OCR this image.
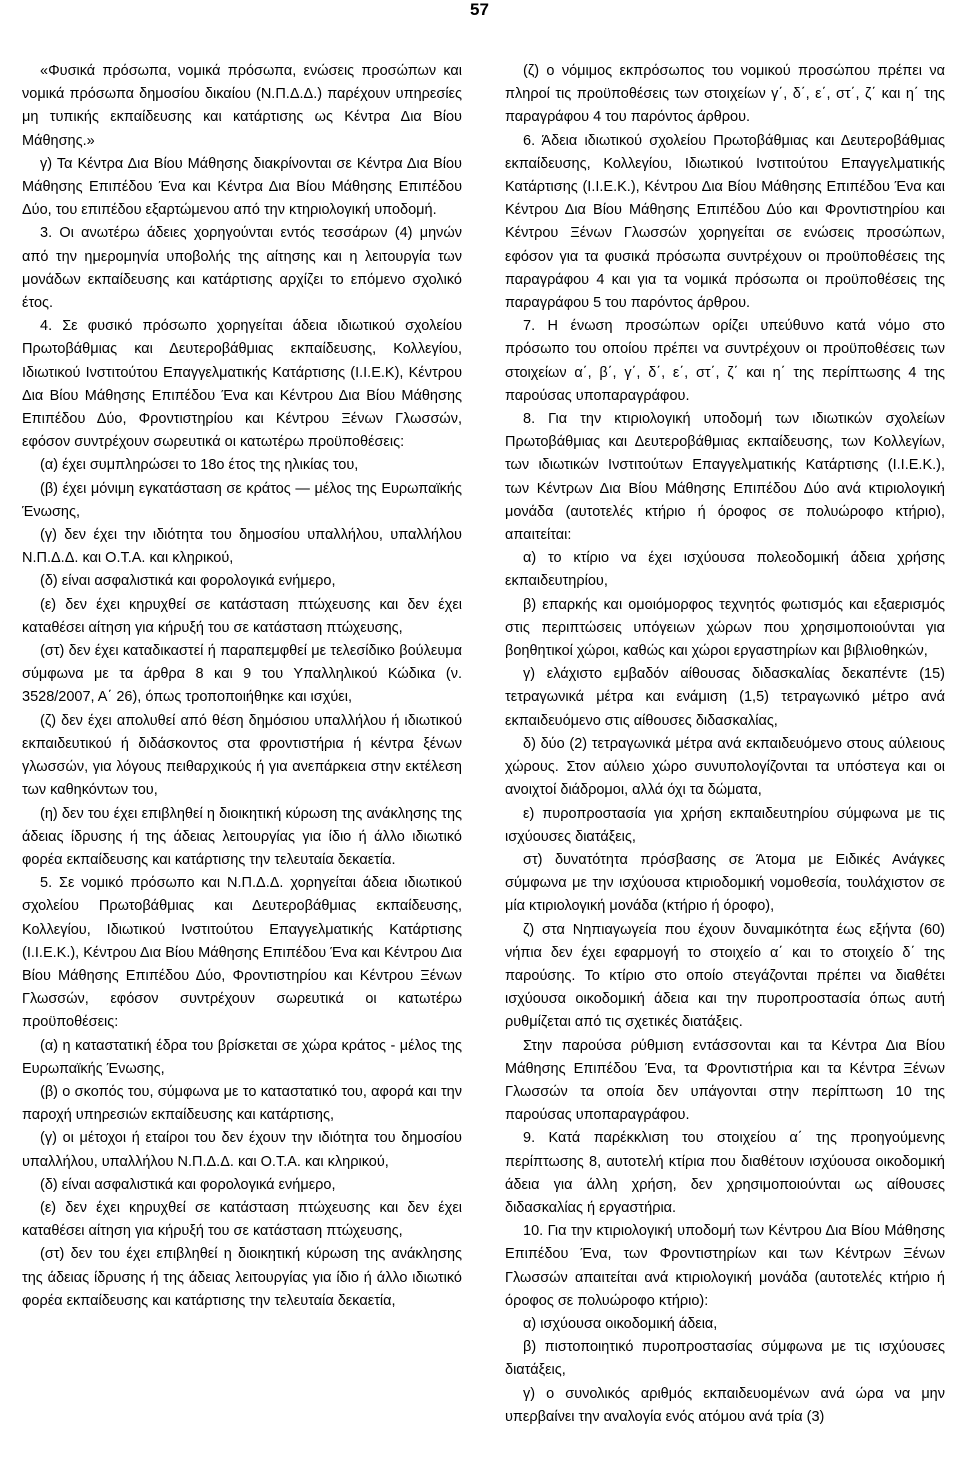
57

«Φυσικά πρόσωπα, νομικά πρόσωπα, ενώσεις προσώπων και νομικά πρόσωπα δημοσίου δικαίου (Ν.Π.Δ.Δ.) παρέχουν υπηρεσίες μη τυπικής εκπαίδευσης και κατάρτισης ως Κέντρα Δια Βίου Μάθησης.»

γ) Τα Κέντρα Δια Βίου Μάθησης διακρίνονται σε Κέντρα Δια Βίου Μάθησης Επιπέδου Ένα και Κέντρα Δια Βίου Μάθησης Επιπέδου Δύο, του επιπέδου εξαρτώμενου από την κτηριολογική υποδομή.

3. Οι ανωτέρω άδειες χορηγούνται εντός τεσσάρων (4) μηνών από την ημερομηνία υποβολής της αίτησης και η λειτουργία των μονάδων εκπαίδευσης και κατάρτισης αρχίζει το επόμενο σχολικό έτος.

4. Σε φυσικό πρόσωπο χορηγείται άδεια ιδιωτικού σχολείου Πρωτοβάθμιας και Δευτεροβάθμιας εκπαίδευσης, Κολλεγίου, Ιδιωτικού Ινστιτούτου Επαγγελματικής Κατάρτισης (Ι.Ι.Ε.Κ), Κέντρου Δια Βίου Μάθησης Επιπέδου Ένα και Κέντρου Δια Βίου Μάθησης Επιπέδου Δύο, Φροντιστηρίου και Κέντρου Ξένων Γλωσσών, εφόσον συντρέχουν σωρευτικά οι κατωτέρω προϋποθέσεις:

(α) έχει συμπληρώσει το 18ο έτος της ηλικίας του,

(β) έχει μόνιμη εγκατάσταση σε κράτος — μέλος της Ευρωπαϊκής Ένωσης,

(γ) δεν έχει την ιδιότητα του δημοσίου υπαλλήλου, υπαλλήλου Ν.Π.Δ.Δ. και Ο.Τ.Α. και κληρικού,

(δ) είναι ασφαλιστικά και φορολογικά ενήμερο,

(ε) δεν έχει κηρυχθεί σε κατάσταση πτώχευσης και δεν έχει καταθέσει αίτηση για κήρυξή του σε κατάσταση πτώχευσης,

(στ) δεν έχει καταδικαστεί ή παραπεμφθεί με τελεσίδικο βούλευμα σύμφωνα με τα άρθρα 8 και 9 του Υπαλληλικού Κώδικα (ν. 3528/2007, Α΄ 26), όπως τροποποιήθηκε και ισχύει,

(ζ) δεν έχει απολυθεί από θέση δημόσιου υπαλλήλου ή ιδιωτικού εκπαιδευτικού ή διδάσκοντος στα φροντιστήρια ή κέντρα ξένων γλωσσών, για λόγους πειθαρχικούς ή για ανεπάρκεια στην εκτέλεση των καθηκόντων του,

(η) δεν του έχει επιβληθεί η διοικητική κύρωση της ανάκλησης της άδειας ίδρυσης ή της άδειας λειτουργίας για ίδιο ή άλλο ιδιωτικό φορέα εκπαίδευσης και κατάρτισης την τελευταία δεκαετία.

5. Σε νομικό πρόσωπο και Ν.Π.Δ.Δ. χορηγείται άδεια ιδιωτικού σχολείου Πρωτοβάθμιας και Δευτεροβάθμιας εκπαίδευσης, Κολλεγίου, Ιδιωτικού Ινστιτούτου Επαγγελματικής Κατάρτισης (Ι.Ι.Ε.Κ.), Κέντρου Δια Βίου Μάθησης Επιπέδου Ένα και Κέντρου Δια Βίου Μάθησης Επιπέδου Δύο, Φροντιστηρίου και Κέντρου Ξένων Γλωσσών, εφόσον συντρέχουν σωρευτικά οι κατωτέρω προϋποθέσεις:

(α) η καταστατική έδρα του βρίσκεται σε χώρα κράτος - μέλος της Ευρωπαϊκής Ένωσης,

(β) ο σκοπός του, σύμφωνα με το καταστατικό του, αφορά και την παροχή υπηρεσιών εκπαίδευσης και κατάρτισης,

(γ) οι μέτοχοι ή εταίροι του δεν έχουν την ιδιότητα του δημοσίου υπαλλήλου, υπαλλήλου Ν.Π.Δ.Δ. και Ο.Τ.Α. και κληρικού,

(δ) είναι ασφαλιστικά και φορολογικά ενήμερο,

(ε) δεν έχει κηρυχθεί σε κατάσταση πτώχευσης και δεν έχει καταθέσει αίτηση για κήρυξή του σε κατάσταση πτώχευσης,

(στ) δεν του έχει επιβληθεί η διοικητική κύρωση της ανάκλησης της άδειας ίδρυσης ή της άδειας λειτουργίας για ίδιο ή άλλο ιδιωτικό φορέα εκπαίδευσης και κατάρτισης την τελευταία δεκαετία,

(ζ) ο νόμιμος εκπρόσωπος του νομικού προσώπου πρέπει να πληροί τις προϋποθέσεις των στοιχείων γ΄, δ΄, ε΄, στ΄, ζ΄ και η΄ της παραγράφου 4 του παρόντος άρθρου.

6. Άδεια ιδιωτικού σχολείου Πρωτοβάθμιας και Δευτεροβάθμιας εκπαίδευσης, Κολλεγίου, Ιδιωτικού Ινστιτούτου Επαγγελματικής Κατάρτισης (Ι.Ι.Ε.Κ.), Κέντρου Δια Βίου Μάθησης Επιπέδου Ένα και Κέντρου Δια Βίου Μάθησης Επιπέδου Δύο και Φροντιστηρίου και Κέντρου Ξένων Γλωσσών χορηγείται σε ενώσεις προσώπων, εφόσον για τα φυσικά πρόσωπα συντρέχουν οι προϋποθέσεις της παραγράφου 4 και για τα νομικά πρόσωπα οι προϋποθέσεις της παραγράφου 5 του παρόντος άρθρου.

7. Η ένωση προσώπων ορίζει υπεύθυνο κατά νόμο στο πρόσωπο του οποίου πρέπει να συντρέχουν οι προϋποθέσεις των στοιχείων α΄, β΄, γ΄, δ΄, ε΄, στ΄, ζ΄ και η΄ της περίπτωσης 4 της παρούσας υποπαραγράφου.

8. Για την κτιριολογική υποδομή των ιδιωτικών σχολείων Πρωτοβάθμιας και Δευτεροβάθμιας εκπαίδευσης, των Κολλεγίων, των ιδιωτικών Ινστιτούτων Επαγγελματικής Κατάρτισης (Ι.Ι.Ε.Κ.), των Κέντρων Δια Βίου Μάθησης Επιπέδου Δύο ανά κτιριολογική μονάδα (αυτοτελές κτήριο ή όροφος σε πολυώροφο κτήριο), απαιτείται:

α) το κτίριο να έχει ισχύουσα πολεοδομική άδεια χρήσης εκπαιδευτηρίου,

β) επαρκής και ομοιόμορφος τεχνητός φωτισμός και εξαερισμός στις περιπτώσεις υπόγειων χώρων που χρησιμοποιούνται για βοηθητικοί χώροι, καθώς και χώροι εργαστηρίων και βιβλιοθηκών,

γ) ελάχιστο εμβαδόν αίθουσας διδασκαλίας δεκαπέντε (15) τετραγωνικά μέτρα και ενάμιση (1,5) τετραγωνικό μέτρο ανά εκπαιδευόμενο στις αίθουσες διδασκαλίας,

δ) δύο (2) τετραγωνικά μέτρα ανά εκπαιδευόμενο στους αύλειους χώρους. Στον αύλειο χώρο συνυπολογίζονται τα υπόστεγα και οι ανοιχτοί διάδρομοι, αλλά όχι τα δώματα,

ε) πυροπροστασία για χρήση εκπαιδευτηρίου σύμφωνα με τις ισχύουσες διατάξεις,

στ) δυνατότητα πρόσβασης σε Άτομα με Ειδικές Ανάγκες σύμφωνα με την ισχύουσα κτιριοδομική νομοθεσία, τουλάχιστον σε μία κτιριολογική μονάδα (κτήριο ή όροφο),

ζ) στα Νηπιαγωγεία που έχουν δυναμικότητα έως εξήντα (60) νήπια δεν έχει εφαρμογή το στοιχείο α΄ και το στοιχείο δ΄ της παρούσης. Το κτίριο στο οποίο στεγάζονται πρέπει να διαθέτει ισχύουσα οικοδομική άδεια και την πυροπροστασία όπως αυτή ρυθμίζεται από τις σχετικές διατάξεις.

Στην παρούσα ρύθμιση εντάσσονται και τα Κέντρα Δια Βίου Μάθησης Επιπέδου Ένα, τα Φροντιστήρια και τα Κέντρα Ξένων Γλωσσών τα οποία δεν υπάγονται στην περίπτωση 10 της παρούσας υποπαραγράφου.

9. Κατά παρέκκλιση του στοιχείου α΄ της προηγούμενης περίπτωσης 8, αυτοτελή κτίρια που διαθέτουν ισχύουσα οικοδομική άδεια για άλλη χρήση, δεν χρησιμοποιούνται ως αίθουσες διδασκαλίας ή εργαστήρια.

10. Για την κτιριολογική υποδομή των Κέντρου Δια Βίου Μάθησης Επιπέδου Ένα, των Φροντιστηρίων και των Κέντρων Ξένων Γλωσσών απαιτείται ανά κτιριολογική μονάδα (αυτοτελές κτήριο ή όροφος σε πολυώροφο κτήριο):

α) ισχύουσα οικοδομική άδεια,

β) πιστοποιητικό πυροπροστασίας σύμφωνα με τις ισχύουσες διατάξεις,

γ) ο συνολικός αριθμός εκπαιδευομένων ανά ώρα να μην υπερβαίνει την αναλογία ενός ατόμου ανά τρία (3)
